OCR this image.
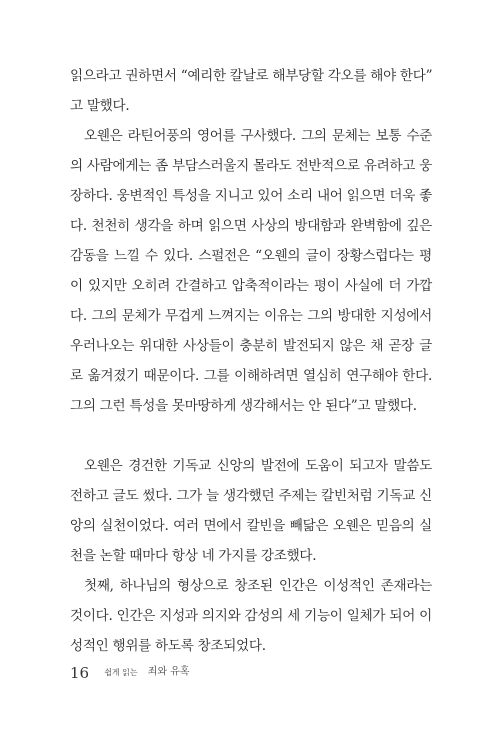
읽으라고 권하면서 “예리한 칼날로 해부당할 각오를 해야 한다”
고 말했다.
오웬은 라틴어풍의 영어를 구사했다. 그의 문체는 보통 수준
의 사람에게는 좀 부담스러울지 몰라도 전반적으로 유려하고 웅
장하다. 웅변적인 특성을 지니고 있어 소리 내어 읽으면 더욱 좋
다. 천천히 생각을 하며 읽으면 사상의 방대함과 완벽함에 깊은
감동을 느낄 수 있다. 스펄전은 “오웬의 글이 장황스럽다는 평
이 있지만 오히려 간결하고 압축적이라는 평이 사실에 더 가깝
다. 그의 문체가 무겁게 느껴지는 이유는 그의 방대한 지성에서
우러나오는 위대한 사상들이 충분히 발전되지 않은 채 곧장 글
로 옮겨졌기 때문이다. 그를 이해하려면 열심히 연구해야 한다.
그의 그런 특성을 못마땅하게 생각해서는 안 된다”고 말했다.
오웬은 경건한 기독교 신앙의 발전에 도움이 되고자 말씀도
전하고 글도 썼다. 그가 늘 생각했던 주제는 칼빈처럼 기독교 신
앙의 실천이었다. 여러 면에서 칼빈을 빼닮은 오웬은 믿음의 실
천을 논할 때마다 항상 네 가지를 강조했다.
첫째, 하나님의 형상으로 창조된 인간은 이성적인 존재라는
것이다. 인간은 지성과 의지와 감성의 세 기능이 일체가 되어 이
성적인 행위를 하도록 창조되었다.
16 쉽게 읽는 죄와 유혹
